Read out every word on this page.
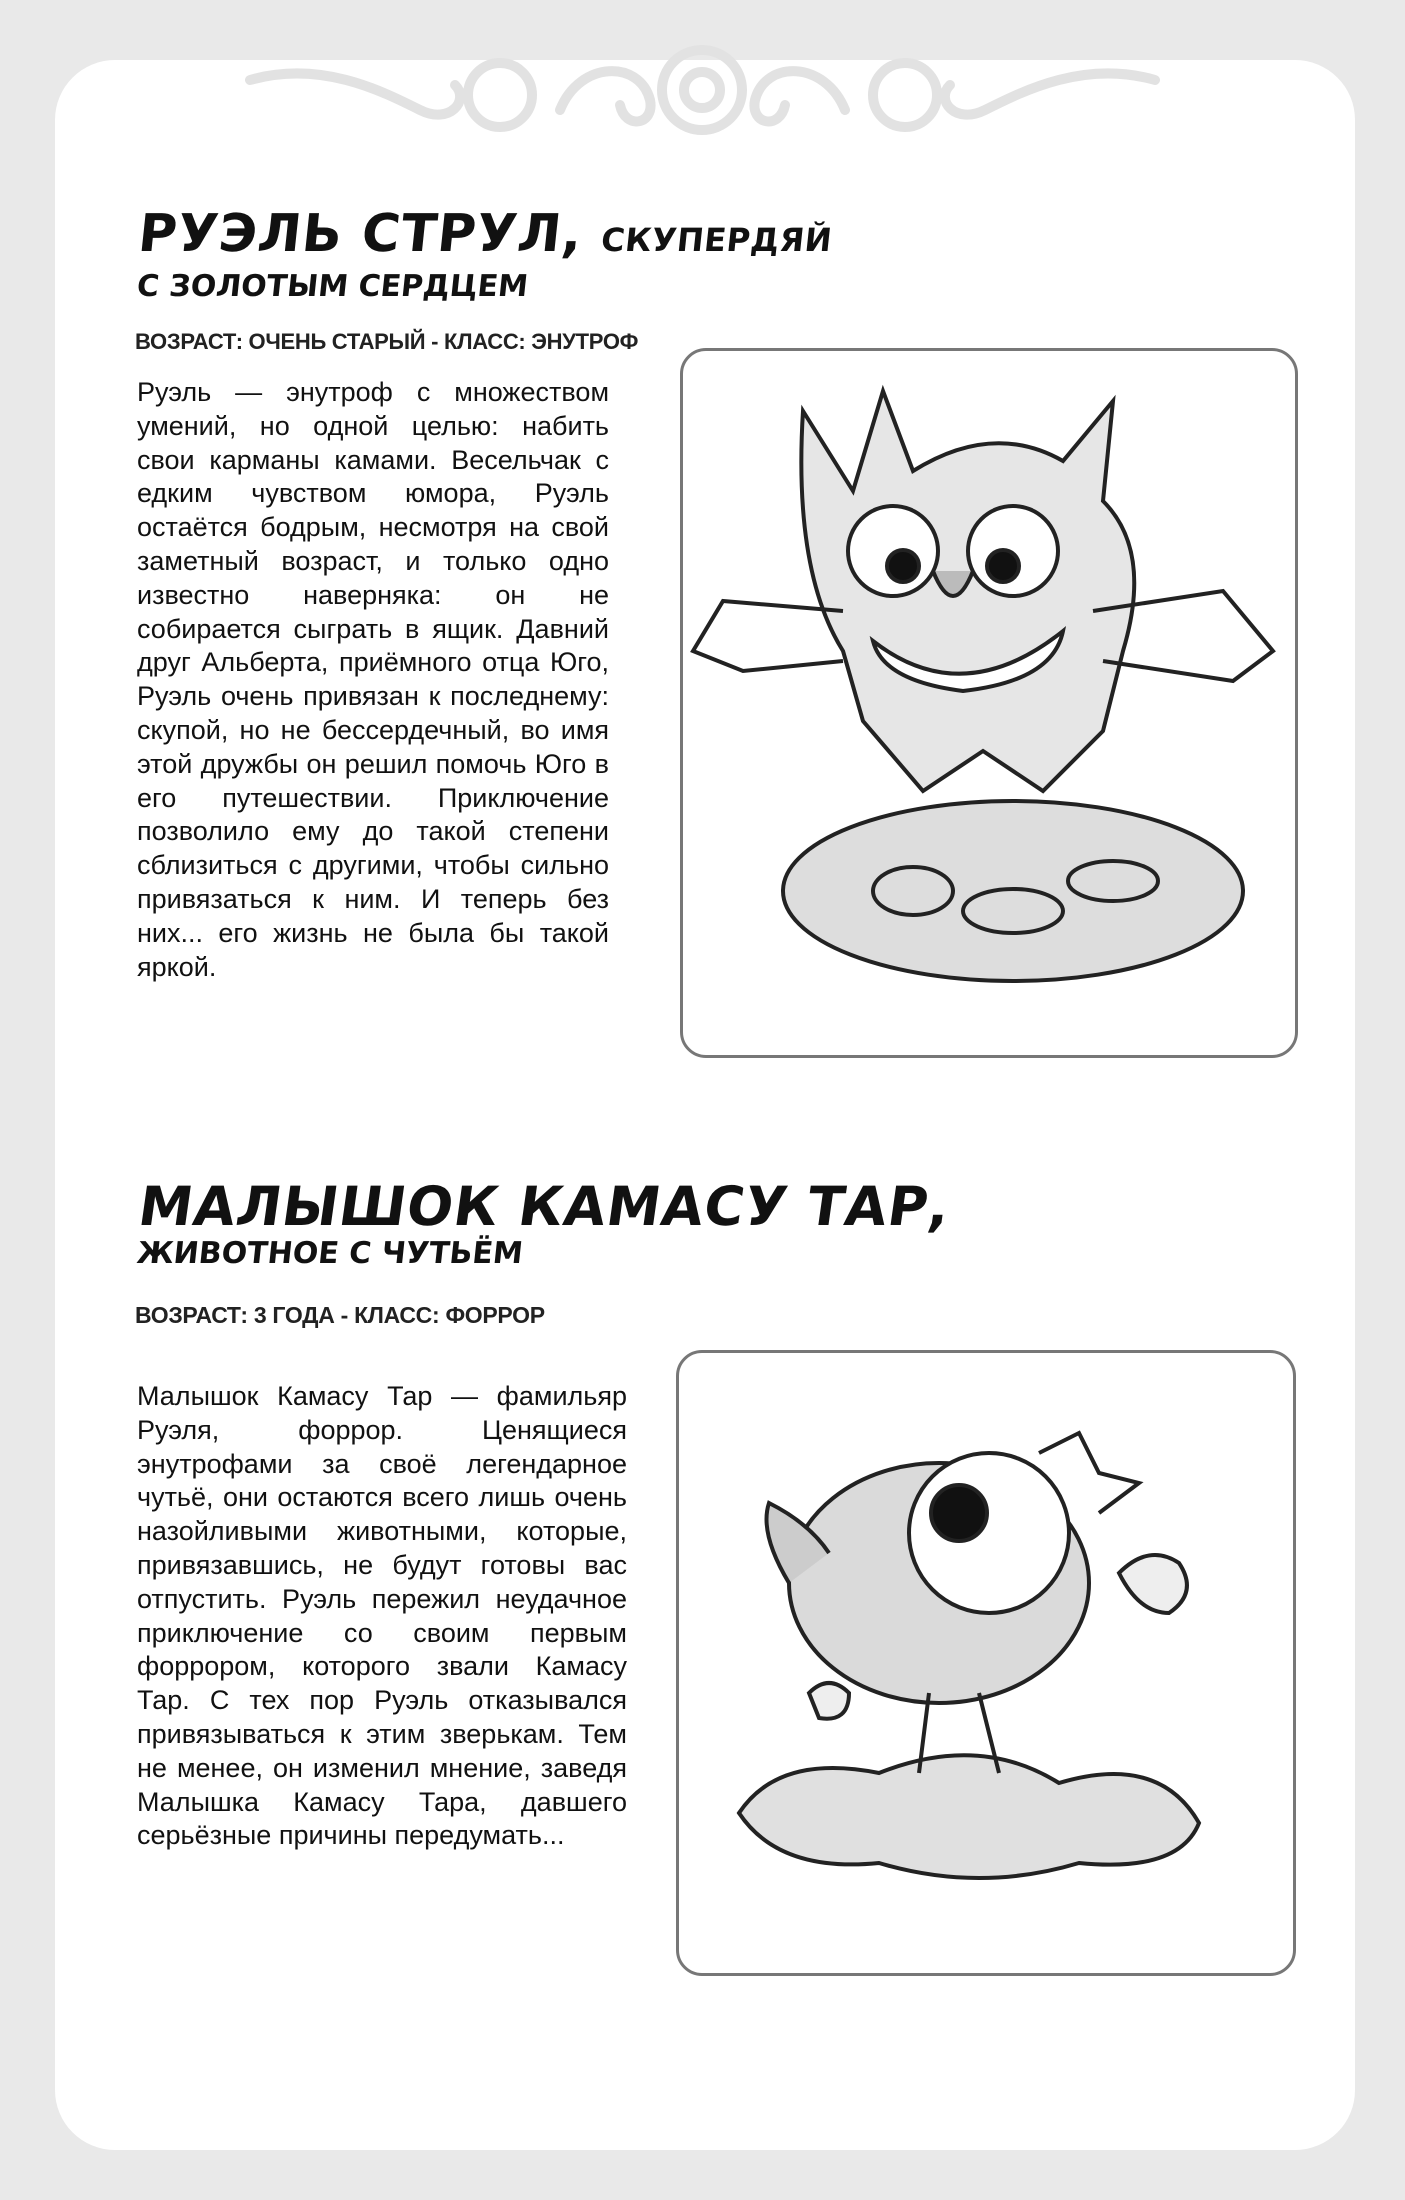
РУЭЛЬ СТРУЛ, СКУПЕРДЯЙ
С ЗОЛОТЫМ СЕРДЦЕМ
ВОЗРАСТ: ОЧЕНЬ СТАРЫЙ - КЛАСС: ЭНУТРОФ
Руэль — энутроф с множеством умений, но одной целью: набить свои карманы камами. Весельчак с едким чувством юмора, Руэль остаётся бодрым, несмотря на свой заметный возраст, и только одно известно наверняка: он не собирается сыграть в ящик. Давний друг Альберта, приёмного отца Юго, Руэль очень привязан к последнему: скупой, но не бессердечный, во имя этой дружбы он решил помочь Юго в его путешествии. Приключение позволило ему до такой степени сблизиться с другими, чтобы сильно привязаться к ним. И теперь без них... его жизнь не была бы такой яркой.
МАЛЫШОК КАМАСУ ТАР,
ЖИВОТНОЕ С ЧУТЬЁМ
ВОЗРАСТ: 3 ГОДА - КЛАСС: ФОРРОР
Малышок Камасу Тар — фамильяр Руэля, форрор. Ценящиеся энутрофами за своё легендарное чутьё, они остаются всего лишь очень назойливыми животными, которые, привязавшись, не будут готовы вас отпустить. Руэль пережил неудачное приключение со своим первым форрором, которого звали Камасу Тар. С тех пор Руэль отказывался привязываться к этим зверькам. Тем не менее, он изменил мнение, заведя Малышка Камасу Тара, давшего серьёзные причины передумать...
